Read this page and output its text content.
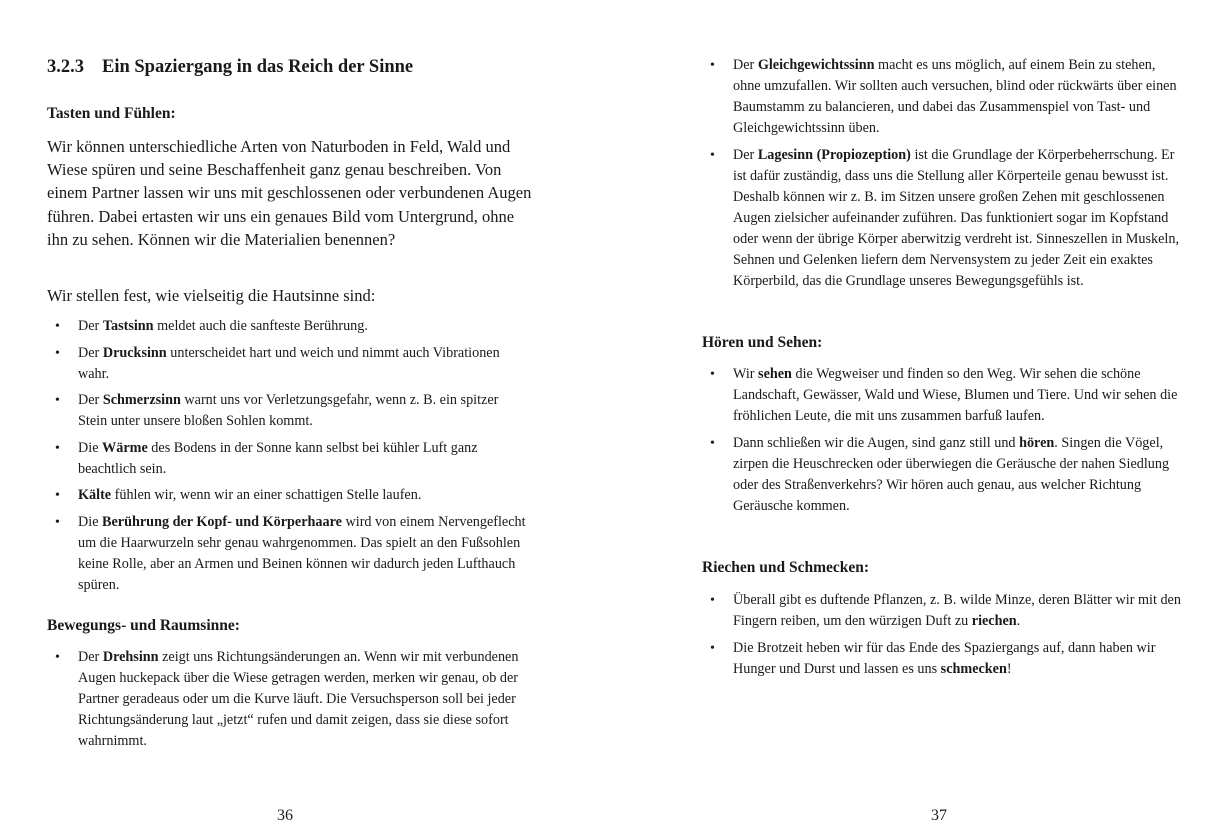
3.2.3 Ein Spaziergang in das Reich der Sinne
Tasten und Fühlen:

Wir können unterschiedliche Arten von Naturboden in Feld, Wald und Wiese spüren und seine Beschaffenheit ganz genau beschreiben. Von einem Partner lassen wir uns mit geschlossenen oder verbundenen Augen führen. Dabei ertasten wir uns ein genaues Bild vom Untergrund, ohne ihn zu sehen. Können wir die Materialien benennen?

Wir stellen fest, wie vielseitig die Hautsinne sind:

• Der Tastsinn meldet auch die sanfteste Berührung.
• Der Drucksinn unterscheidet hart und weich und nimmt auch Vibrationen wahr.
• Der Schmerzsinn warnt uns vor Verletzungsgefahr, wenn z. B. ein spitzer Stein unter unsere bloßen Sohlen kommt.
• Die Wärme des Bodens in der Sonne kann selbst bei kühler Luft ganz beachtlich sein.
• Kälte fühlen wir, wenn wir an einer schattigen Stelle laufen.
• Die Berührung der Kopf- und Körperhaare wird von einem Nervengeflecht um die Haarwurzeln sehr genau wahrgenommen. Das spielt an den Fußsohlen keine Rolle, aber an Armen und Beinen können wir dadurch jeden Lufthauch spüren.
Bewegungs- und Raumsinne:
• Der Drehsinn zeigt uns Richtungsänderungen an. Wenn wir mit verbundenen Augen huckepack über die Wiese getragen werden, merken wir genau, ob der Partner geradeaus oder um die Kurve läuft. Die Versuchsperson soll bei jeder Richtungsänderung laut „jetzt“ rufen und damit zeigen, dass sie diese sofort wahrnimmt.
36
• Der Gleichgewichtssinn macht es uns möglich, auf einem Bein zu stehen, ohne umzufallen. Wir sollten auch versuchen, blind oder rückwärts über einen Baumstamm zu balancieren, und dabei das Zusammenspiel von Tast- und Gleichgewichtssinn üben.
• Der Lagesinn (Propiozeption) ist die Grundlage der Körperbeherrschung. Er ist dafür zuständig, dass uns die Stellung aller Körperteile genau bewusst ist. Deshalb können wir z. B. im Sitzen unsere großen Zehen mit geschlossenen Augen zielsicher aufeinander zuführen. Das funktioniert sogar im Kopfstand oder wenn der übrige Körper aberwitzig verdreht ist. Sinneszellen in Muskeln, Sehnen und Gelenken liefern dem Nervensystem zu jeder Zeit ein exaktes Körperbild, das die Grundlage unseres Bewegungsgefühls ist.
Hören und Sehen:
• Wir sehen die Wegweiser und finden so den Weg. Wir sehen die schöne Landschaft, Gewässer, Wald und Wiese, Blumen und Tiere. Und wir sehen die fröhlichen Leute, die mit uns zusammen barfuß laufen.
• Dann schließen wir die Augen, sind ganz still und hören. Singen die Vögel, zirpen die Heuschrecken oder überwiegen die Geräusche der nahen Siedlung oder des Straßenverkehrs? Wir hören auch genau, aus welcher Richtung Geräusche kommen.
Riechen und Schmecken:
• Überall gibt es duftende Pflanzen, z. B. wilde Minze, deren Blätter wir mit den Fingern reiben, um den würzigen Duft zu riechen.
• Die Brotzeit heben wir für das Ende des Spaziergangs auf, dann haben wir Hunger und Durst und lassen es uns schmecken!
37
